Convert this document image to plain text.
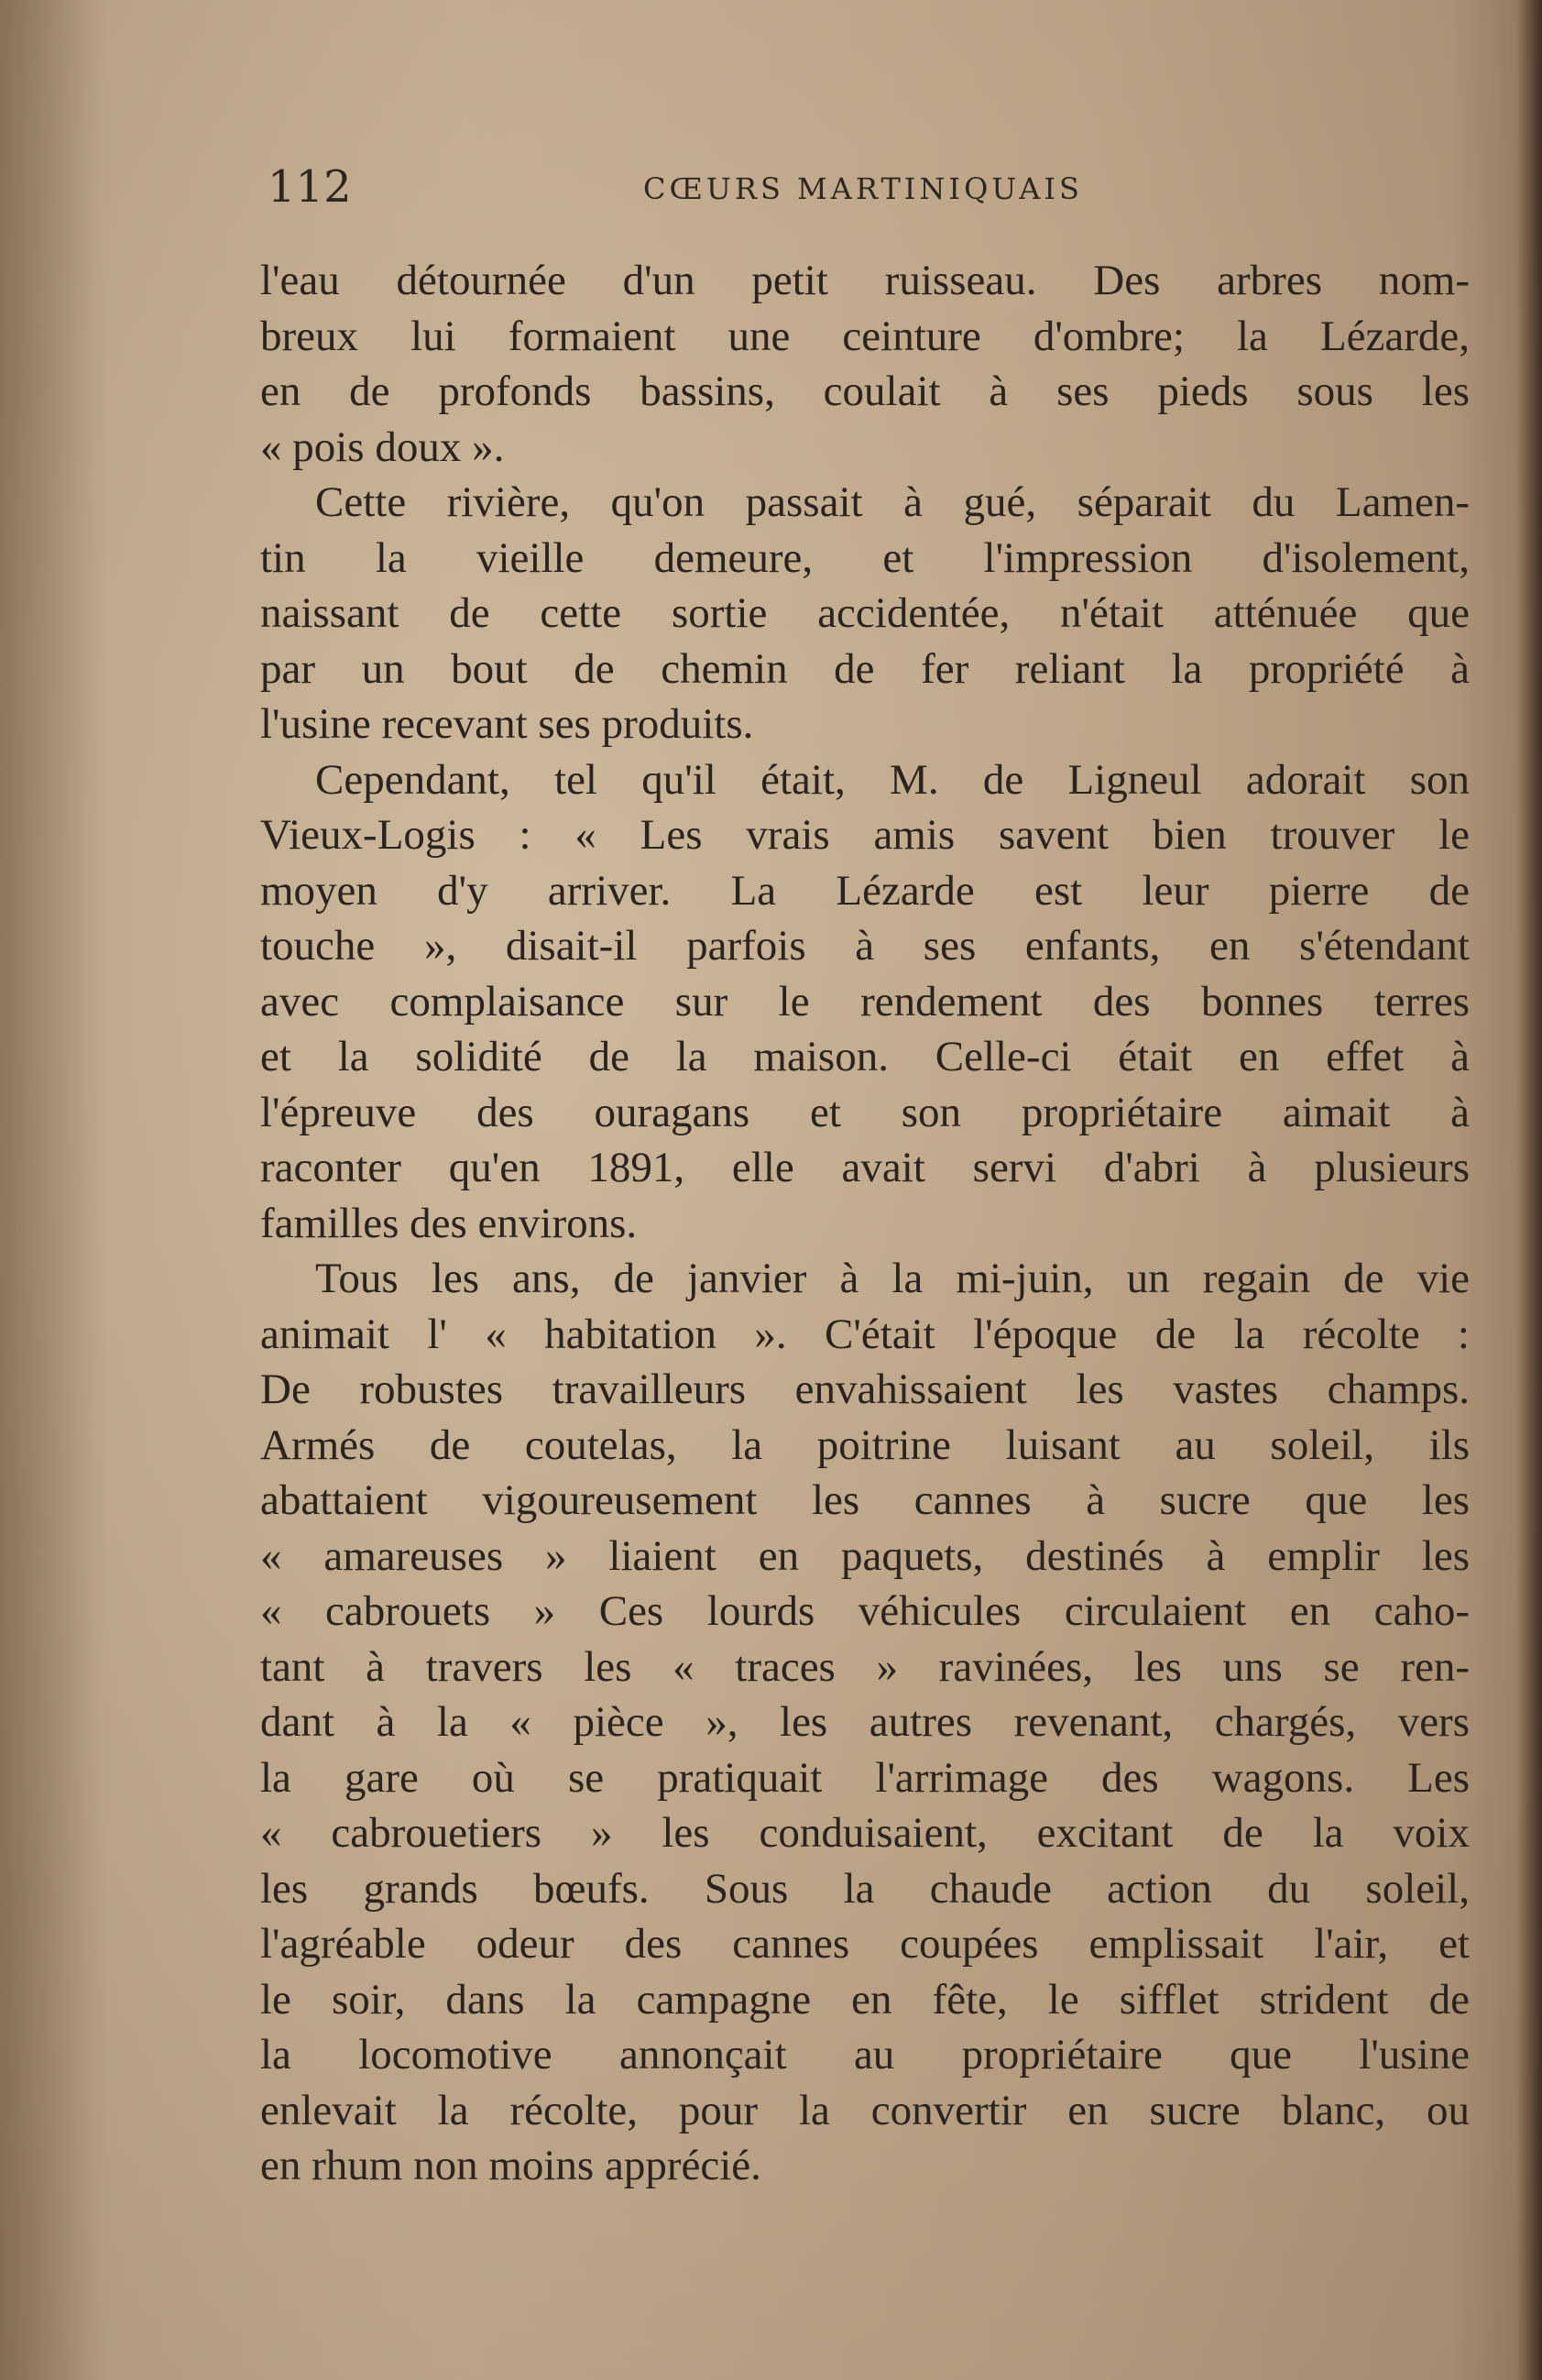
112	CŒURS MARTINIQUAIS
l'eau détournée d'un petit ruisseau. Des arbres nom-
breux lui formaient une ceinture d'ombre; la Lézarde,
en de profonds bassins, coulait à ses pieds sous les
« pois doux ».
Cette rivière, qu'on passait à gué, séparait du Lamen-
tin la vieille demeure, et l'impression d'isolement,
naissant de cette sortie accidentée, n'était atténuée que
par un bout de chemin de fer reliant la propriété à
l'usine recevant ses produits.
Cependant, tel qu'il était, M. de Ligneul adorait son
Vieux-Logis : « Les vrais amis savent bien trouver le
moyen d'y arriver. La Lézarde est leur pierre de
touche », disait-il parfois à ses enfants, en s'étendant
avec complaisance sur le rendement des bonnes terres
et la solidité de la maison. Celle-ci était en effet à
l'épreuve des ouragans et son propriétaire aimait à
raconter qu'en 1891, elle avait servi d'abri à plusieurs
familles des environs.
Tous les ans, de janvier à la mi-juin, un regain de vie
animait l' « habitation ». C'était l'époque de la récolte :
De robustes travailleurs envahissaient les vastes champs.
Armés de coutelas, la poitrine luisant au soleil, ils
abattaient vigoureusement les cannes à sucre que les
« amareuses » liaient en paquets, destinés à emplir les
« cabrouets » Ces lourds véhicules circulaient en caho-
tant à travers les « traces » ravinées, les uns se ren-
dant à la « pièce », les autres revenant, chargés, vers
la gare où se pratiquait l'arrimage des wagons. Les
« cabrouetiers » les conduisaient, excitant de la voix
les grands bœufs. Sous la chaude action du soleil,
l'agréable odeur des cannes coupées emplissait l'air, et
le soir, dans la campagne en fête, le sifflet strident de
la locomotive annonçait au propriétaire que l'usine
enlevait la récolte, pour la convertir en sucre blanc, ou
en rhum non moins apprécié.
